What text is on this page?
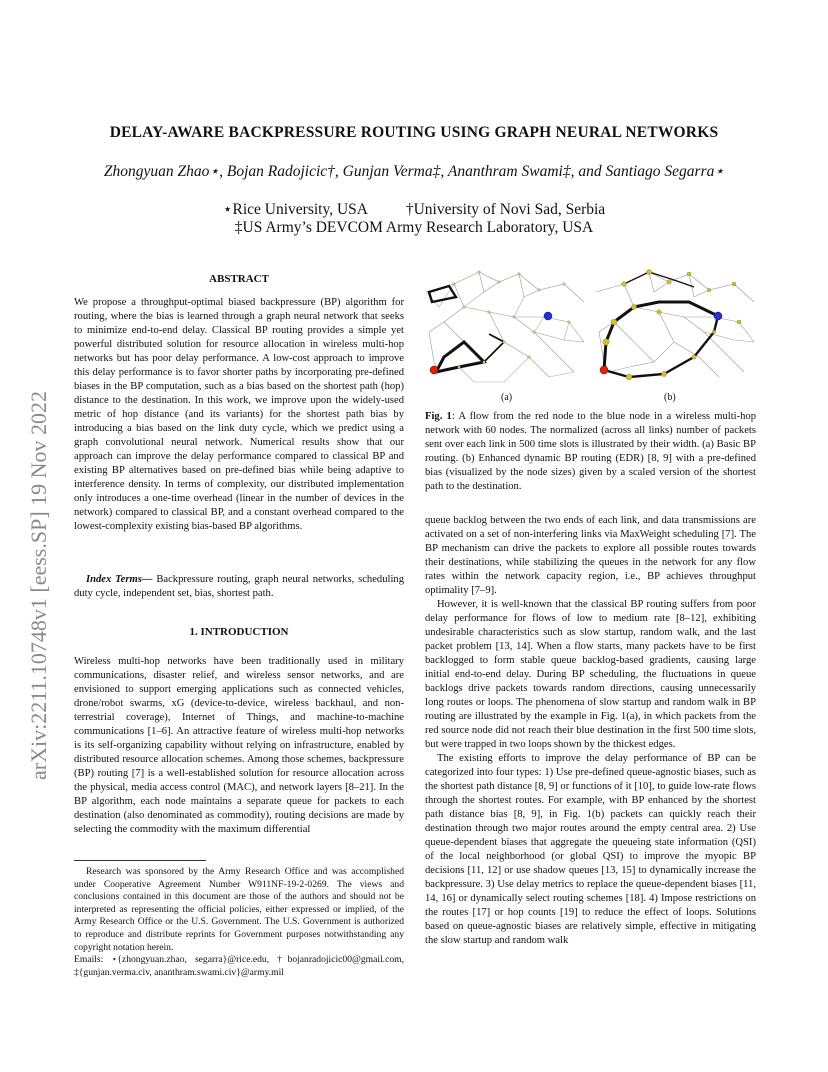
arXiv:2211.10748v1 [eess.SP] 19 Nov 2022
DELAY-AWARE BACKPRESSURE ROUTING USING GRAPH NEURAL NETWORKS
Zhongyuan Zhao⋆, Bojan Radojicic†, Gunjan Verma‡, Ananthram Swami‡, and Santiago Segarra⋆
⋆Rice University, USA          †University of Novi Sad, Serbia
‡US Army’s DEVCOM Army Research Laboratory, USA
ABSTRACT

We propose a throughput-optimal biased backpressure (BP) algorithm for routing, where the bias is learned through a graph neural network that seeks to minimize end-to-end delay. Classical BP routing provides a simple yet powerful distributed solution for resource allocation in wireless multi-hop networks but has poor delay performance. A low-cost approach to improve this delay performance is to favor shorter paths by incorporating pre-defined biases in the BP computation, such as a bias based on the shortest path (hop) distance to the destination. In this work, we improve upon the widely-used metric of hop distance (and its variants) for the shortest path bias by introducing a bias based on the link duty cycle, which we predict using a graph convolutional neural network. Numerical results show that our approach can improve the delay performance compared to classical BP and existing BP alternatives based on pre-defined bias while being adaptive to interference density. In terms of complexity, our distributed implementation only introduces a one-time overhead (linear in the number of devices in the network) compared to classical BP, and a constant overhead compared to the lowest-complexity existing bias-based BP algorithms.

Index Terms— Backpressure routing, graph neural networks, scheduling duty cycle, independent set, bias, shortest path.

1. INTRODUCTION

Wireless multi-hop networks have been traditionally used in military communications, disaster relief, and wireless sensor networks, and are envisioned to support emerging applications such as connected vehicles, drone/robot swarms, xG (device-to-device, wireless backhaul, and non-terrestrial coverage), Internet of Things, and machine-to-machine communications [1–6]. An attractive feature of wireless multi-hop networks is its self-organizing capability without relying on infrastructure, enabled by distributed resource allocation schemes. Among those schemes, backpressure (BP) routing [7] is a well-established solution for resource allocation across the physical, media access control (MAC), and network layers [8–21]. In the BP algorithm, each node maintains a separate queue for packets to each destination (also denominated as commodity), routing decisions are made by selecting the commodity with the maximum differential

Research was sponsored by the Army Research Office and was accomplished under Cooperative Agreement Number W911NF-19-2-0269. The views and conclusions contained in this document are those of the authors and should not be interpreted as representing the official policies, either expressed or implied, of the Army Research Office or the U.S. Government. The U.S. Government is authorized to reproduce and distribute reprints for Government purposes notwithstanding any copyright notation herein.

Emails: ⋆{zhongyuan.zhao, segarra}@rice.edu, †bojanradojicic00@gmail.com, ‡{gunjan.verma.civ, ananthram.swami.civ}@army.mil

(a)	(b)

Fig. 1: A flow from the red node to the blue node in a wireless multi-hop network with 60 nodes. The normalized (across all links) number of packets sent over each link in 500 time slots is illustrated by their width. (a) Basic BP routing. (b) Enhanced dynamic BP routing (EDR) [8, 9] with a pre-defined bias (visualized by the node sizes) given by a scaled version of the shortest path to the destination.

queue backlog between the two ends of each link, and data transmissions are activated on a set of non-interfering links via MaxWeight scheduling [7]. The BP mechanism can drive the packets to explore all possible routes towards their destinations, while stabilizing the queues in the network for any flow rates within the network capacity region, i.e., BP achieves throughput optimality [7–9].

However, it is well-known that the classical BP routing suffers from poor delay performance for flows of low to medium rate [8–12], exhibiting undesirable characteristics such as slow startup, random walk, and the last packet problem [13, 14]. When a flow starts, many packets have to be first backlogged to form stable queue backlog-based gradients, causing large initial end-to-end delay. During BP scheduling, the fluctuations in queue backlogs drive packets towards random directions, causing unnecessarily long routes or loops. The phenomena of slow startup and random walk in BP routing are illustrated by the example in Fig. 1(a), in which packets from the red source node did not reach their blue destination in the first 500 time slots, but were trapped in two loops shown by the thickest edges.

The existing efforts to improve the delay performance of BP can be categorized into four types: 1) Use pre-defined queue-agnostic biases, such as the shortest path distance [8, 9] or functions of it [10], to guide low-rate flows through the shortest routes. For example, with BP enhanced by the shortest path distance bias [8, 9], in Fig. 1(b) packets can quickly reach their destination through two major routes around the empty central area. 2) Use queue-dependent biases that aggregate the queueing state information (QSI) of the local neighborhood (or global QSI) to improve the myopic BP decisions [11, 12] or use shadow queues [13, 15] to dynamically increase the backpressure. 3) Use delay metrics to replace the queue-dependent biases [11, 14, 16] or dynamically select routing schemes [18]. 4) Impose restrictions on the routes [17] or hop counts [19] to reduce the effect of loops. Solutions based on queue-agnostic biases are relatively simple, effective in mitigating the slow startup and random walk
